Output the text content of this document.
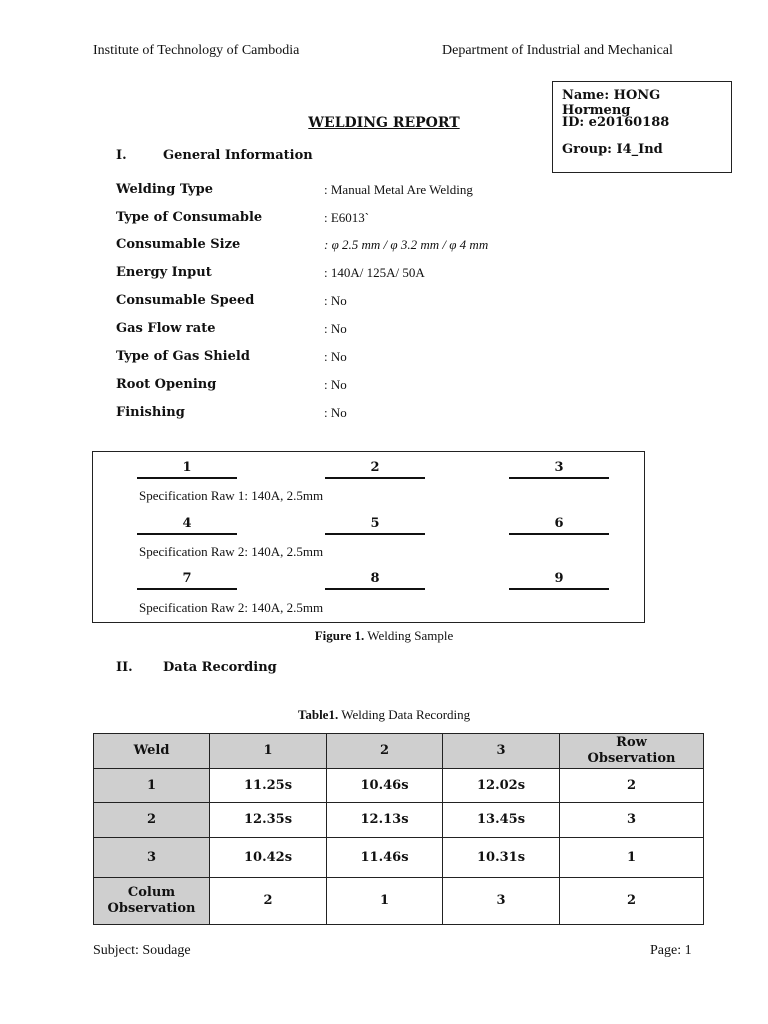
Institute of Technology of Cambodia	Department of Industrial and Mechanical
Name: HONG Hormeng
ID: e20160188
Group: I4_Ind
WELDING REPORT
I.	General Information
Welding Type	: Manual Metal Are Welding
Type of Consumable	: E6013`
Consumable Size	: φ 2.5 mm / φ 3.2 mm / φ 4 mm
Energy Input	: 140A/ 125A/ 50A
Consumable Speed	: No
Gas Flow rate	: No
Type of Gas Shield	: No
Root Opening	: No
Finishing	: No
1	2	3
Specification Raw 1: 140A, 2.5mm
4	5	6
Specification Raw 2: 140A, 2.5mm
7	8	9
Specification Raw 2: 140A, 2.5mm
Figure 1. Welding Sample
II. Data Recording
Table1. Welding Data Recording
Weld	1	2	3	Row Observation
1	11.25s	10.46s	12.02s	2
2	12.35s	12.13s	13.45s	3
3	10.42s	11.46s	10.31s	1
Colum Observation	2	1	3	2
Subject: Soudage	Page: 1
